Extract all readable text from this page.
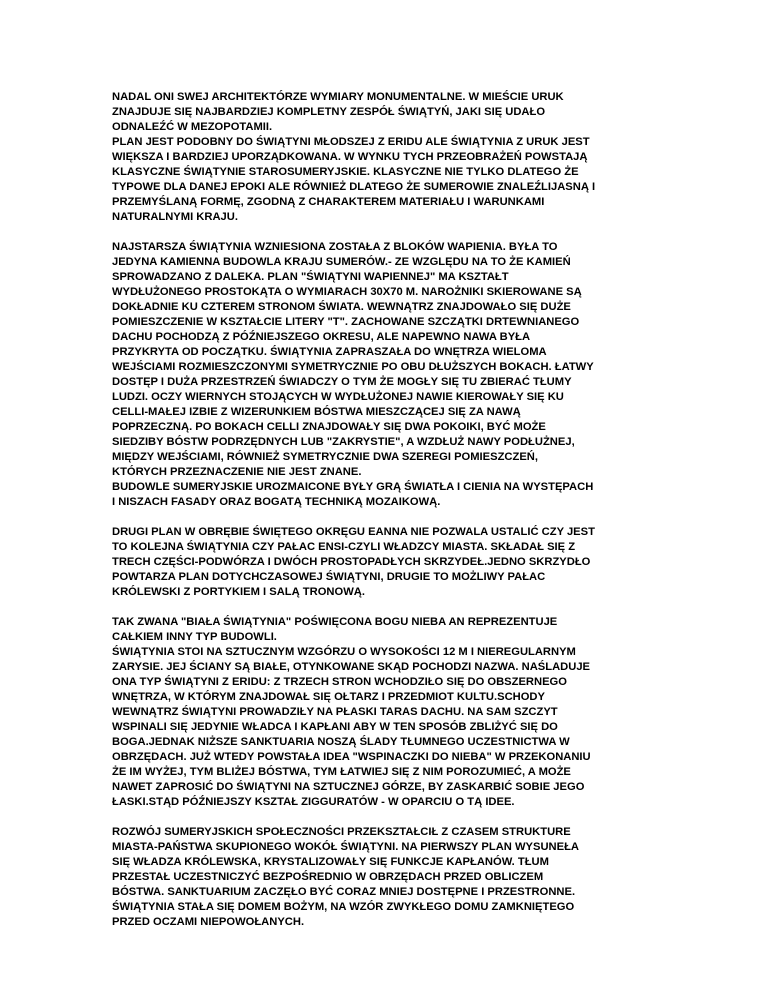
NADAL ONI SWEJ ARCHITEKTÓRZE WYMIARY MONUMENTALNE. W MIEŚCIE URUK
ZNAJDUJE SIĘ NAJBARDZIEJ KOMPLETNY ZESPÓŁ ŚWIĄTYŃ, JAKI SIĘ UDAŁO
ODNALEŹĆ W MEZOPOTAMII.

PLAN JEST PODOBNY DO ŚWIĄTYNI MŁODSZEJ Z ERIDU ALE ŚWIĄTYNIA Z URUK JEST
WIĘKSZA I BARDZIEJ UPORZĄDKOWANA. W WYNKU TYCH PRZEOBRAŻEŃ POWSTAJĄ
KLASYCZNE ŚWIĄTYNIE STAROSUMERYJSKIE. KLASYCZNE NIE TYLKO DLATEGO ŻE
TYPOWE DLA DANEJ EPOKI ALE RÓWNIEŻ DLATEGO ŻE SUMEROWIE ZNALEŹLIJASNĄ I
PRZEMYŚLANĄ FORMĘ, ZGODNĄ Z CHARAKTEREM MATERIAŁU I WARUNKAMI
NATURALNYMI KRAJU.

NAJSTARSZA ŚWIĄTYNIA WZNIESIONA ZOSTAŁA Z BLOKÓW WAPIENIA. BYŁA TO
JEDYNA KAMIENNA BUDOWLA KRAJU SUMERÓW.- ZE WZGLĘDU NA TO ŻE KAMIEŃ
SPROWADZANO Z DALEKA. PLAN "ŚWIĄTYNI WAPIENNEJ" MA KSZTAŁT
WYDŁUŻONEGO PROSTOKĄTA O WYMIARACH 30X70 M. NAROŻNIKI SKIEROWANE SĄ
DOKŁADNIE KU CZTEREM STRONOM ŚWIATA. WEWNĄTRZ ZNAJDOWAŁO SIĘ DUŻE
POMIESZCZENIE W KSZTAŁCIE LITERY "T". ZACHOWANE SZCZĄTKI DRTEWNIANEGO
DACHU POCHODZĄ Z PÓŹNIEJSZEGO OKRESU, ALE NAPEWNO NAWA BYŁA
PRZYKRYTA OD POCZĄTKU. ŚWIĄTYNIA ZAPRASZAŁA DO WNĘTRZA WIELOMA
WEJŚCIAMI ROZMIESZCZONYMI SYMETRYCZNIE PO OBU DŁUŻSZYCH BOKACH. ŁATWY
DOSTĘP I DUŻA PRZESTRZEŃ ŚWIADCZY O TYM ŻE MOGŁY SIĘ TU ZBIERAĆ TŁUMY
LUDZI. OCZY WIERNYCH STOJĄCYCH W WYDŁUŻONEJ NAWIE KIEROWAŁY SIĘ KU
CELLI-MAŁEJ IZBIE Z WIZERUNKIEM BÓSTWA MIESZCZĄCEJ SIĘ ZA NAWĄ
POPRZECZNĄ. PO BOKACH CELLI ZNAJDOWAŁY SIĘ DWA POKOIKI, BYĆ MOŻE
SIEDZIBY BÓSTW PODRZĘDNYCH LUB "ZAKRYSTIE", A WZDŁUŻ NAWY PODŁUŻNEJ,
MIĘDZY WEJŚCIAMI, RÓWNIEŻ SYMETRYCZNIE DWA SZEREGI POMIESZCZEŃ,
KTÓRYCH PRZEZNACZENIE NIE JEST ZNANE.

BUDOWLE SUMERYJSKIE UROZMAICONE BYŁY GRĄ ŚWIATŁA I CIENIA NA WYSTĘPACH
I NISZACH FASADY ORAZ BOGATĄ TECHNIKĄ MOZAIKOWĄ.

DRUGI PLAN W OBRĘBIE ŚWIĘTEGO OKRĘGU EANNA NIE POZWALA USTALIĆ CZY JEST
TO KOLEJNA ŚWIĄTYNIA CZY PAŁAC ENSI-CZYLI WŁADZCY MIASTA. SKŁADAŁ SIĘ Z
TRECH CZĘŚCI-PODWÓRZA I DWÓCH PROSTOPADŁYCH SKRZYDEŁ.JEDNO SKRZYDŁO
POWTARZA PLAN DOTYCHCZASOWEJ ŚWIĄTYNI, DRUGIE TO MOŻLIWY PAŁAC
KRÓLEWSKI Z PORTYKIEM I SALĄ TRONOWĄ.

TAK ZWANA "BIAŁA ŚWIĄTYNIA" POŚWIĘCONA BOGU NIEBA AN REPREZENTUJE
CAŁKIEM INNY TYP BUDOWLI.

ŚWIĄTYNIA STOI NA SZTUCZNYM WZGÓRZU O WYSOKOŚCI 12 M I NIEREGULARNYM
ZARYSIE. JEJ ŚCIANY SĄ BIAŁE, OTYNKOWANE SKĄD POCHODZI NAZWA. NAŚLADUJE
ONA TYP ŚWIĄTYNI Z ERIDU: Z TRZECH STRON WCHODZIŁO SIĘ DO OBSZERNEGO
WNĘTRZA, W KTÓRYM ZNAJDOWAŁ SIĘ OŁTARZ I PRZEDMIOT KULTU.SCHODY
WEWNĄTRZ ŚWIĄTYNI PROWADZIŁY NA PŁASKI TARAS DACHU. NA SAM SZCZYT
WSPINALI SIĘ JEDYNIE WŁADCA I KAPŁANI ABY W TEN SPOSÓB ZBLIŻYĆ SIĘ DO
BOGA.JEDNAK NIŻSZE SANKTUARIA NOSZĄ ŚLADY TŁUMNEGO UCZESTNICTWA W
OBRZĘDACH. JUŻ WTEDY POWSTAŁA IDEA "WSPINACZKI DO NIEBA" W PRZEKONANIU
ŻE IM WYŻEJ, TYM BLIŻEJ BÓSTWA, TYM ŁATWIEJ SIĘ Z NIM POROZUMIEĆ, A MOŻE
NAWET ZAPROSIĆ DO ŚWIĄTYNI NA SZTUCZNEJ GÓRZE, BY ZASKARBIĆ SOBIE JEGO
ŁASKI.STĄD PÓŹNIEJSZY KSZTAŁ ZIGGURATÓW - W OPARCIU O TĄ IDEE.

ROZWÓJ SUMERYJSKICH SPOŁECZNOŚCI PRZEKSZTAŁCIŁ Z CZASEM STRUKTURE
MIASTA-PAŃSTWA SKUPIONEGO WOKÓŁ ŚWIĄTYNI. NA PIERWSZY PLAN WYSUNEŁA
SIĘ WŁADZA KRÓLEWSKA, KRYSTALIZOWAŁY SIĘ FUNKCJE KAPŁANÓW. TŁUM
PRZESTAŁ UCZESTNICZYĆ BEZPOŚREDNIO W OBRZĘDACH PRZED OBLICZEM
BÓSTWA. SANKTUARIUM ZACZĘŁO BYĆ CORAZ MNIEJ DOSTĘPNE I PRZESTRONNE.
ŚWIĄTYNIA STAŁA SIĘ DOMEM BOŻYM, NA WZÓR ZWYKŁEGO DOMU ZAMKNIĘTEGO
PRZED OCZAMI NIEPOWOŁANYCH.
